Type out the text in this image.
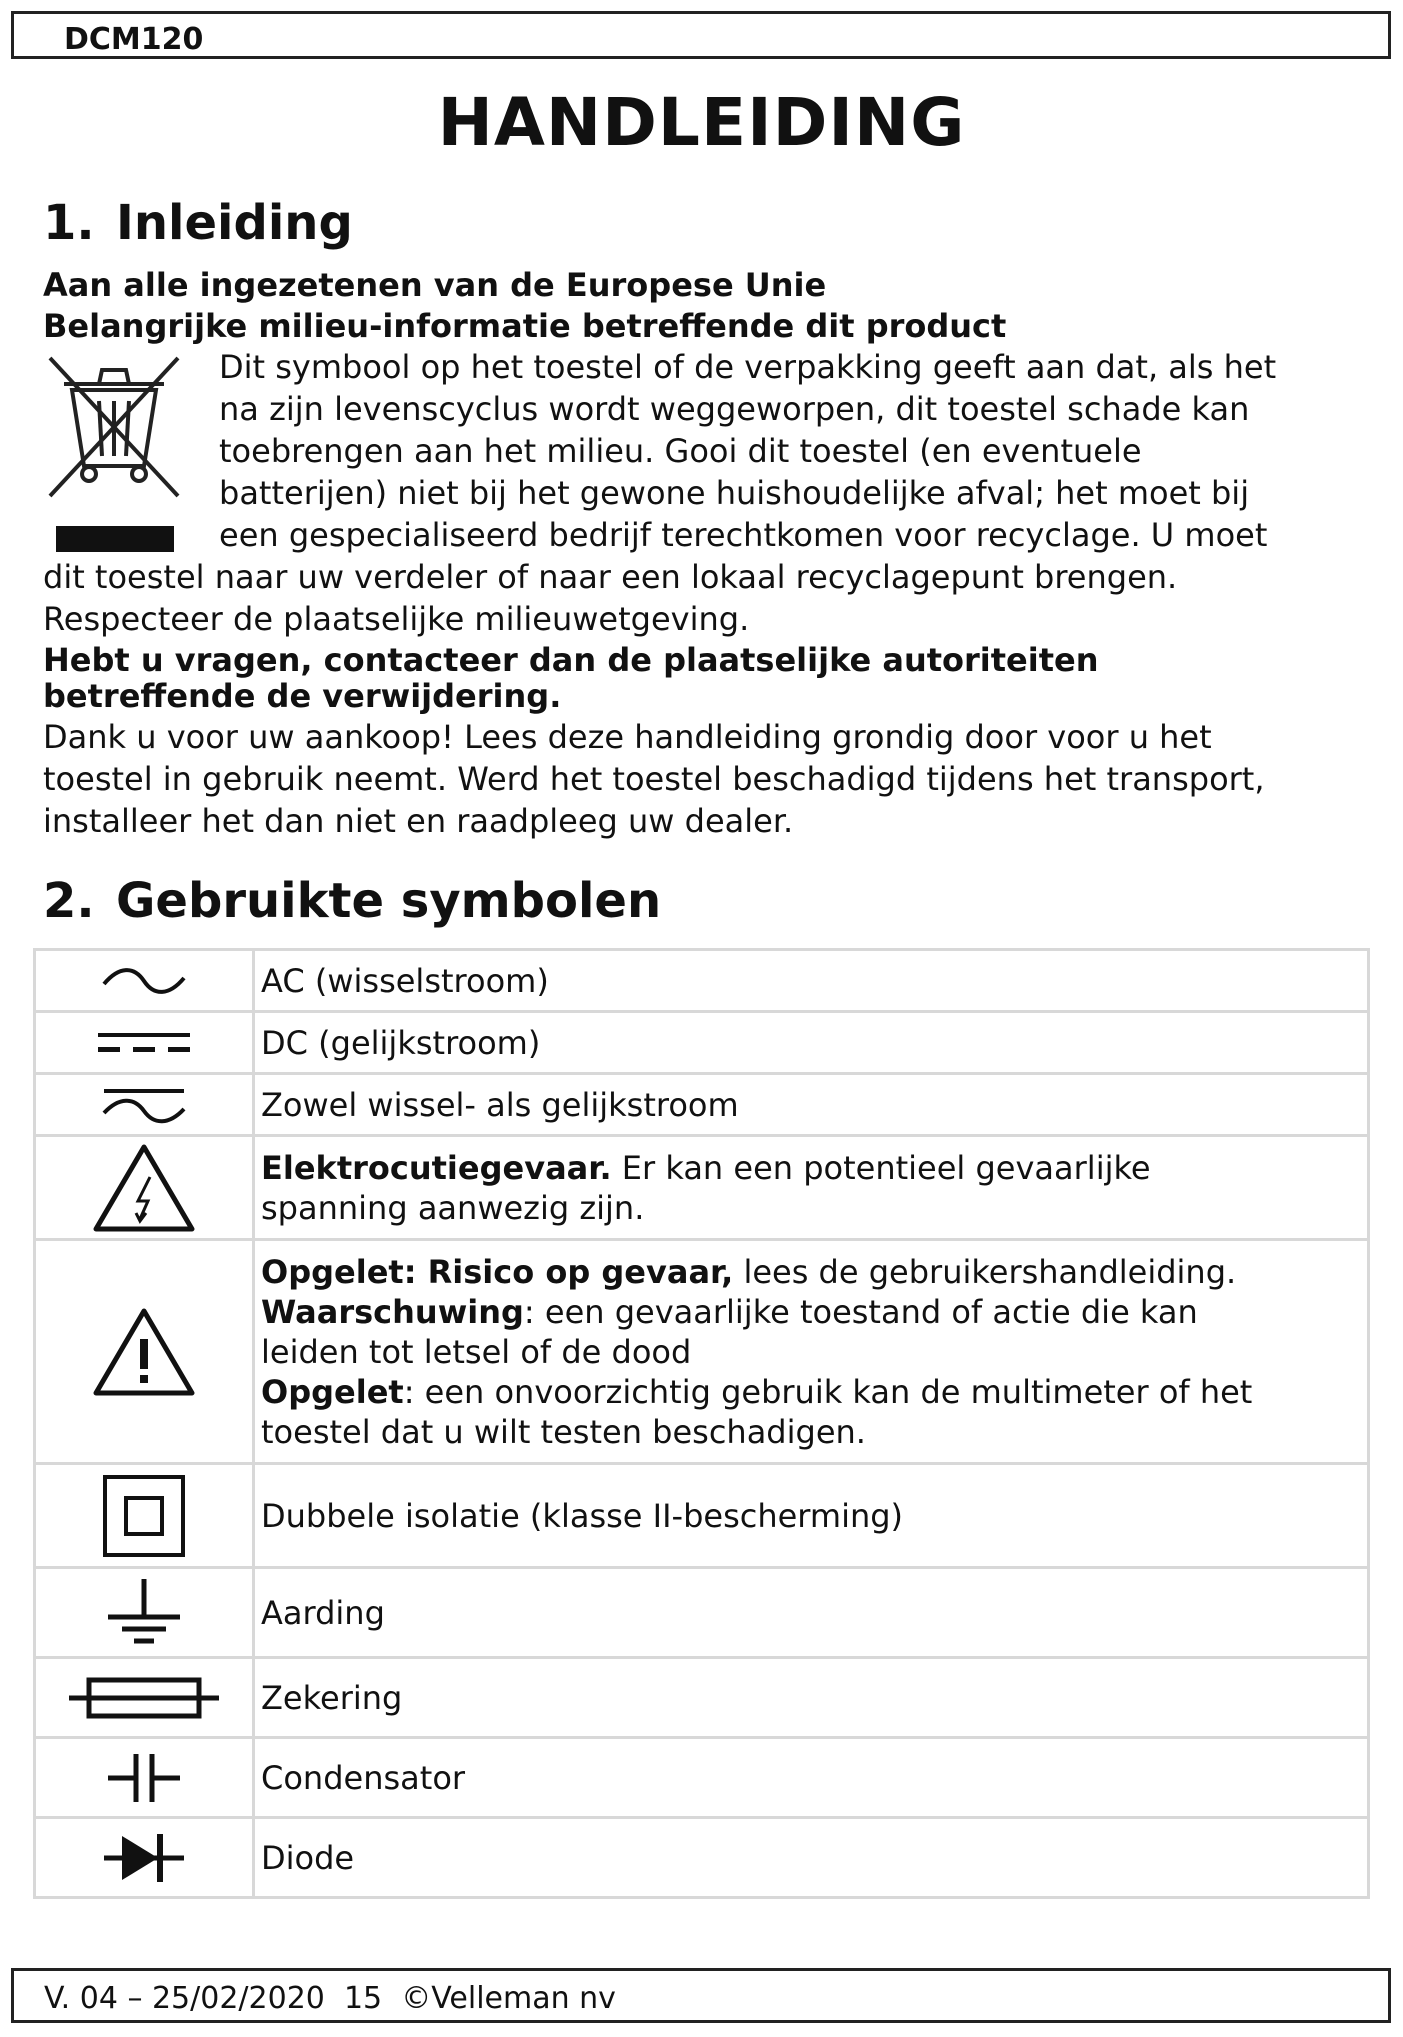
DCM120
HANDLEIDING
1. Inleiding
Aan alle ingezetenen van de Europese Unie
Belangrijke milieu-informatie betreffende dit product
Dit symbool op het toestel of de verpakking geeft aan dat, als het
na zijn levenscyclus wordt weggeworpen, dit toestel schade kan
toebrengen aan het milieu. Gooi dit toestel (en eventuele
batterijen) niet bij het gewone huishoudelijke afval; het moet bij
een gespecialiseerd bedrijf terechtkomen voor recyclage. U moet
dit toestel naar uw verdeler of naar een lokaal recyclagepunt brengen.
Respecteer de plaatselijke milieuwetgeving.
Hebt u vragen, contacteer dan de plaatselijke autoriteiten
betreffende de verwijdering.
Dank u voor uw aankoop! Lees deze handleiding grondig door voor u het
toestel in gebruik neemt. Werd het toestel beschadigd tijdens het transport,
installeer het dan niet en raadpleeg uw dealer.
2. Gebruikte symbolen
	AC (wisselstroom)

	DC (gelijkstroom)

	Zowel wissel- als gelijkstroom

	Elektrocutiegevaar. Er kan een potentieel gevaarlijke
spanning aanwezig zijn.

	Opgelet: Risico op gevaar, lees de gebruikershandleiding.
Waarschuwing: een gevaarlijke toestand of actie die kan
leiden tot letsel of de dood
Opgelet: een onvoorzichtig gebruik kan de multimeter of het
toestel dat u wilt testen beschadigen.

	Dubbele isolatie (klasse II-bescherming)

	Aarding

	Zekering

	Condensator

	Diode
V. 04 – 25/02/2020  15  ©Velleman nv
